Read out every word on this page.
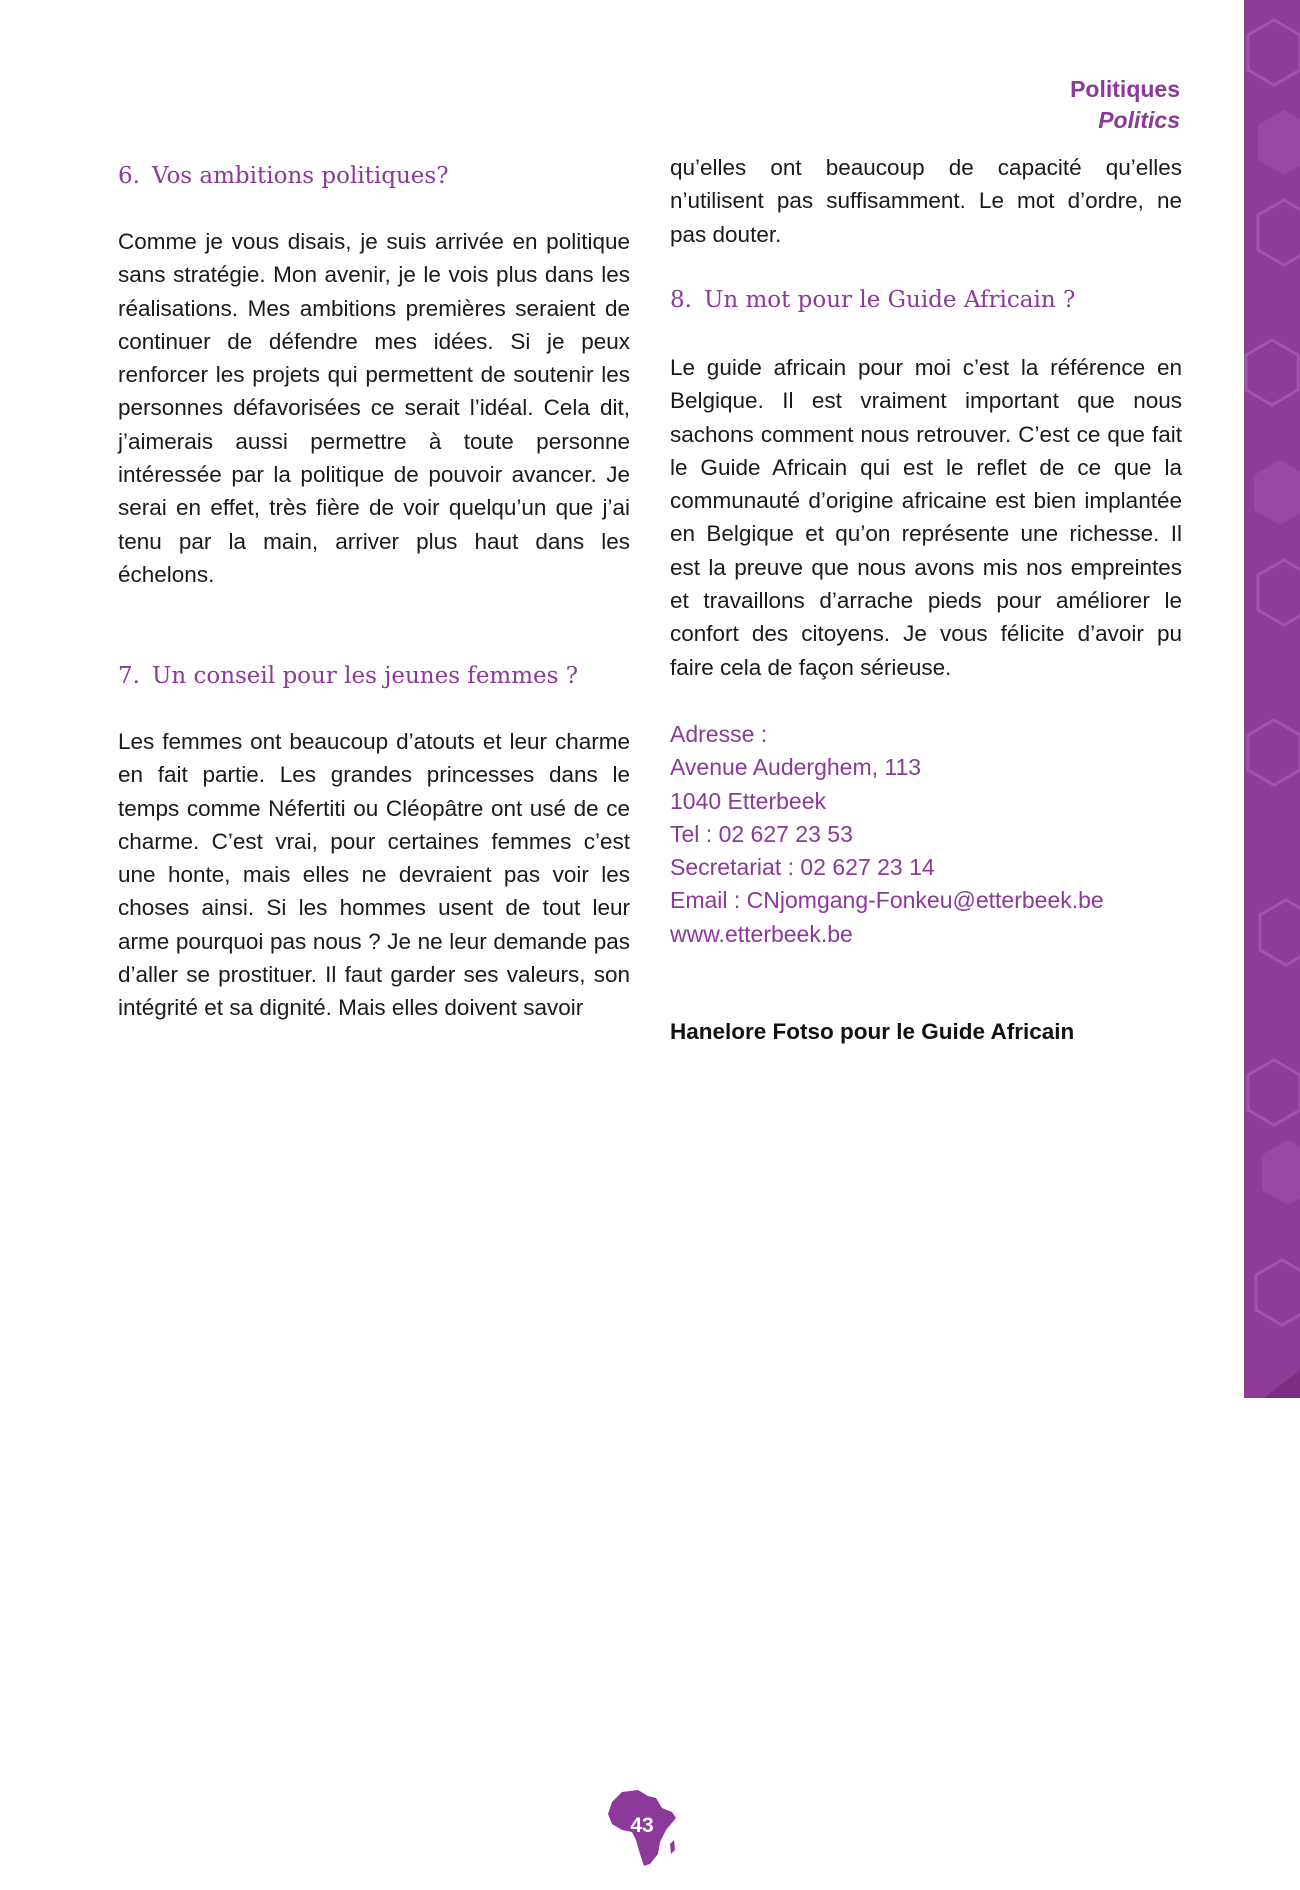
Politiques
Politics
6. Vos ambitions politiques?

Comme je vous disais, je suis arrivée en politique sans stratégie. Mon avenir, je le vois plus dans les réalisations. Mes ambitions premières seraient de continuer de défendre mes idées. Si je peux renforcer les projets qui permettent de soutenir les personnes défavorisées ce serait l’idéal. Cela dit, j’aimerais aussi permettre à toute personne intéressée par la politique de pouvoir avancer. Je serai en effet, très fière de voir quelqu’un que j’ai tenu par la main, arriver plus haut dans les échelons.

7. Un conseil pour les jeunes femmes ?

Les femmes ont beaucoup d’atouts et leur charme en fait partie. Les grandes princesses dans le temps comme Néfertiti ou Cléopâtre ont usé de ce charme. C’est vrai, pour certaines femmes c’est une honte, mais elles ne devraient pas voir les choses ainsi. Si les hommes usent de tout leur arme pourquoi pas nous ? Je ne leur demande pas d’aller se prostituer. Il faut garder ses valeurs, son intégrité et sa dignité. Mais elles doivent savoir

qu’elles ont beaucoup de capacité qu’elles n’utilisent pas suffisamment. Le mot d’ordre, ne pas douter.

8. Un mot pour le Guide Africain ?

Le guide africain pour moi c’est la référence en Belgique. Il est vraiment important que nous sachons comment nous retrouver. C’est ce que fait le Guide Africain qui est le reflet de ce que la communauté d’origine africaine est bien implantée en Belgique et qu’on représente une richesse. Il est la preuve que nous avons mis nos empreintes et travaillons d’arrache pieds pour améliorer le confort des citoyens. Je vous félicite d’avoir pu faire cela de façon sérieuse.

Adresse :
Avenue Auderghem, 113
1040 Etterbeek
Tel : 02 627 23 53
Secretariat : 02 627 23 14
Email : CNjomgang-Fonkeu@etterbeek.be
www.etterbeek.be
Hanelore Fotso pour le Guide Africain
43
